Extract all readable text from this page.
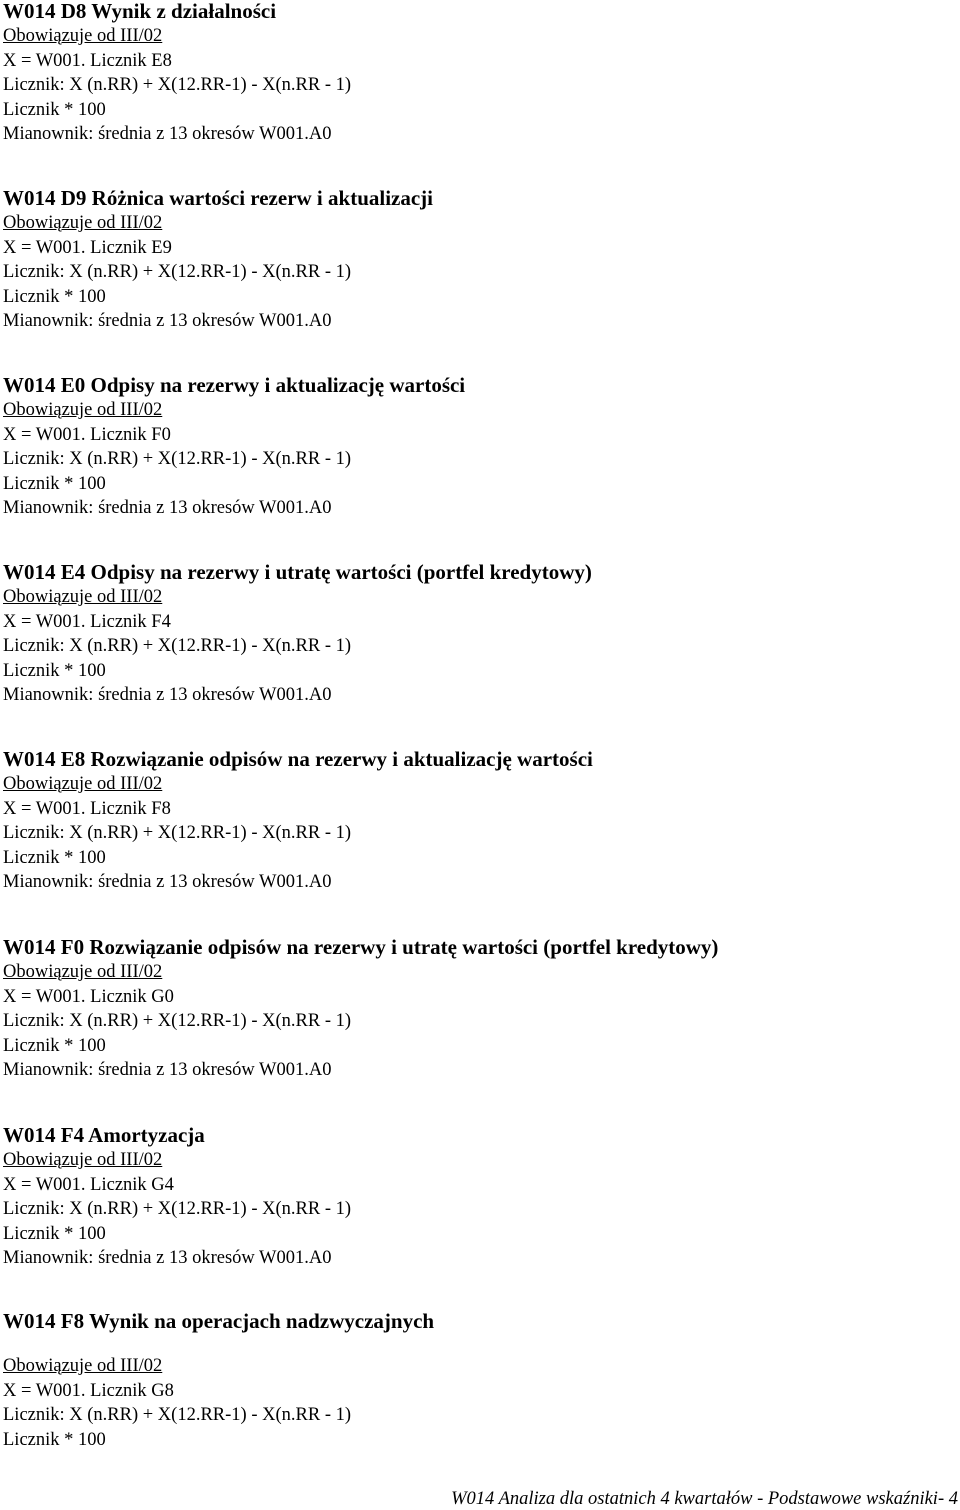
W014 D8 Wynik z działalności
Obowiązuje od III/02
X = W001. Licznik E8
Licznik: X (n.RR) + X(12.RR-1) - X(n.RR - 1)
Licznik * 100
Mianownik: średnia z 13 okresów W001.A0
W014 D9 Różnica wartości rezerw i aktualizacji
Obowiązuje od III/02
X = W001. Licznik E9
Licznik: X (n.RR) + X(12.RR-1) - X(n.RR - 1)
Licznik * 100
Mianownik: średnia z 13 okresów W001.A0
W014 E0 Odpisy na rezerwy i aktualizację wartości
Obowiązuje od III/02
X = W001. Licznik F0
Licznik: X (n.RR) + X(12.RR-1) - X(n.RR - 1)
Licznik * 100
Mianownik: średnia z 13 okresów W001.A0
W014 E4 Odpisy na rezerwy i utratę wartości (portfel kredytowy)
Obowiązuje od III/02
X = W001. Licznik F4
Licznik: X (n.RR) + X(12.RR-1) - X(n.RR - 1)
Licznik * 100
Mianownik: średnia z 13 okresów W001.A0
W014 E8 Rozwiązanie odpisów na rezerwy i aktualizację wartości
Obowiązuje od III/02
X = W001. Licznik F8
Licznik: X (n.RR) + X(12.RR-1) - X(n.RR - 1)
Licznik * 100
Mianownik: średnia z 13 okresów W001.A0
W014 F0 Rozwiązanie odpisów na rezerwy i utratę wartości (portfel kredytowy)
Obowiązuje od III/02
X = W001. Licznik G0
Licznik: X (n.RR) + X(12.RR-1) - X(n.RR - 1)
Licznik * 100
Mianownik: średnia z 13 okresów W001.A0
W014 F4 Amortyzacja
Obowiązuje od III/02
X = W001. Licznik G4
Licznik: X (n.RR) + X(12.RR-1) - X(n.RR - 1)
Licznik * 100
Mianownik: średnia z 13 okresów W001.A0
W014 F8 Wynik na operacjach nadzwyczajnych
Obowiązuje od III/02
X = W001. Licznik G8
Licznik: X (n.RR) + X(12.RR-1) - X(n.RR - 1)
Licznik * 100
W014 Analiza dla ostatnich 4 kwartałów - Podstawowe wskaźniki- 4
